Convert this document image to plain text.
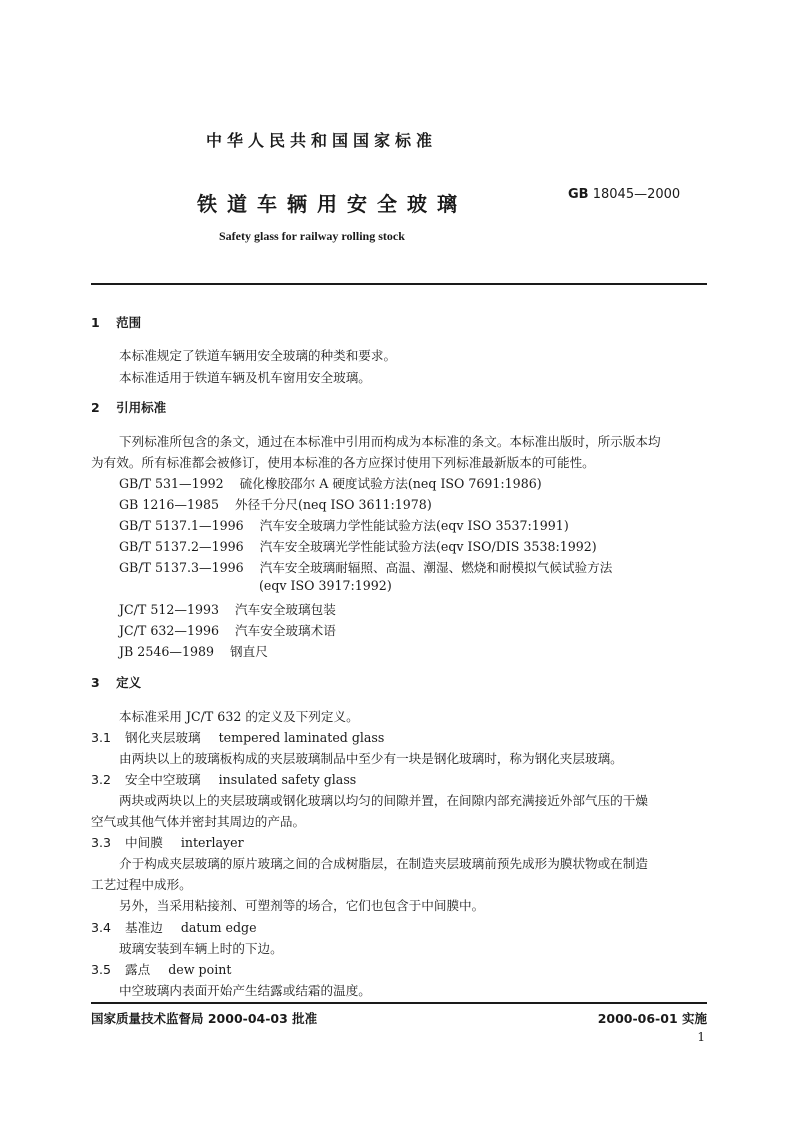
中华人民共和国国家标准
铁道车辆用安全玻璃	GB 18045—2000
Safety glass for railway rolling stock
1 范围
本标准规定了铁道车辆用安全玻璃的种类和要求。
本标准适用于铁道车辆及机车窗用安全玻璃。
2 引用标准
下列标准所包含的条文，通过在本标准中引用而构成为本标准的条文。本标准出版时，所示版本均
为有效。所有标准都会被修订，使用本标准的各方应探讨使用下列标准最新版本的可能性。
GB/T 531—1992 硫化橡胶邵尔 A 硬度试验方法(neq ISO 7691:1986)
GB 1216—1985 外径千分尺(neq ISO 3611:1978)
GB/T 5137.1—1996 汽车安全玻璃力学性能试验方法(eqv ISO 3537:1991)
GB/T 5137.2—1996 汽车安全玻璃光学性能试验方法(eqv ISO/DIS 3538:1992)
GB/T 5137.3—1996 汽车安全玻璃耐辐照、高温、潮湿、燃烧和耐模拟气候试验方法
(eqv ISO 3917:1992)
JC/T 512—1993 汽车安全玻璃包装
JC/T 632—1996 汽车安全玻璃术语
JB 2546—1989 钢直尺
3 定义
本标准采用 JC/T 632 的定义及下列定义。
3.1 钢化夹层玻璃 tempered laminated glass
由两块以上的玻璃板构成的夹层玻璃制品中至少有一块是钢化玻璃时，称为钢化夹层玻璃。
3.2 安全中空玻璃 insulated safety glass
两块或两块以上的夹层玻璃或钢化玻璃以均匀的间隙并置，在间隙内部充满接近外部气压的干燥
空气或其他气体并密封其周边的产品。
3.3 中间膜 interlayer
介于构成夹层玻璃的原片玻璃之间的合成树脂层，在制造夹层玻璃前预先成形为膜状物或在制造
工艺过程中成形。
另外，当采用粘接剂、可塑剂等的场合，它们也包含于中间膜中。
3.4 基准边 datum edge
玻璃安装到车辆上时的下边。
3.5 露点 dew point
中空玻璃内表面开始产生结露或结霜的温度。
国家质量技术监督局 2000-04-03 批准	2000-06-01 实施
1
